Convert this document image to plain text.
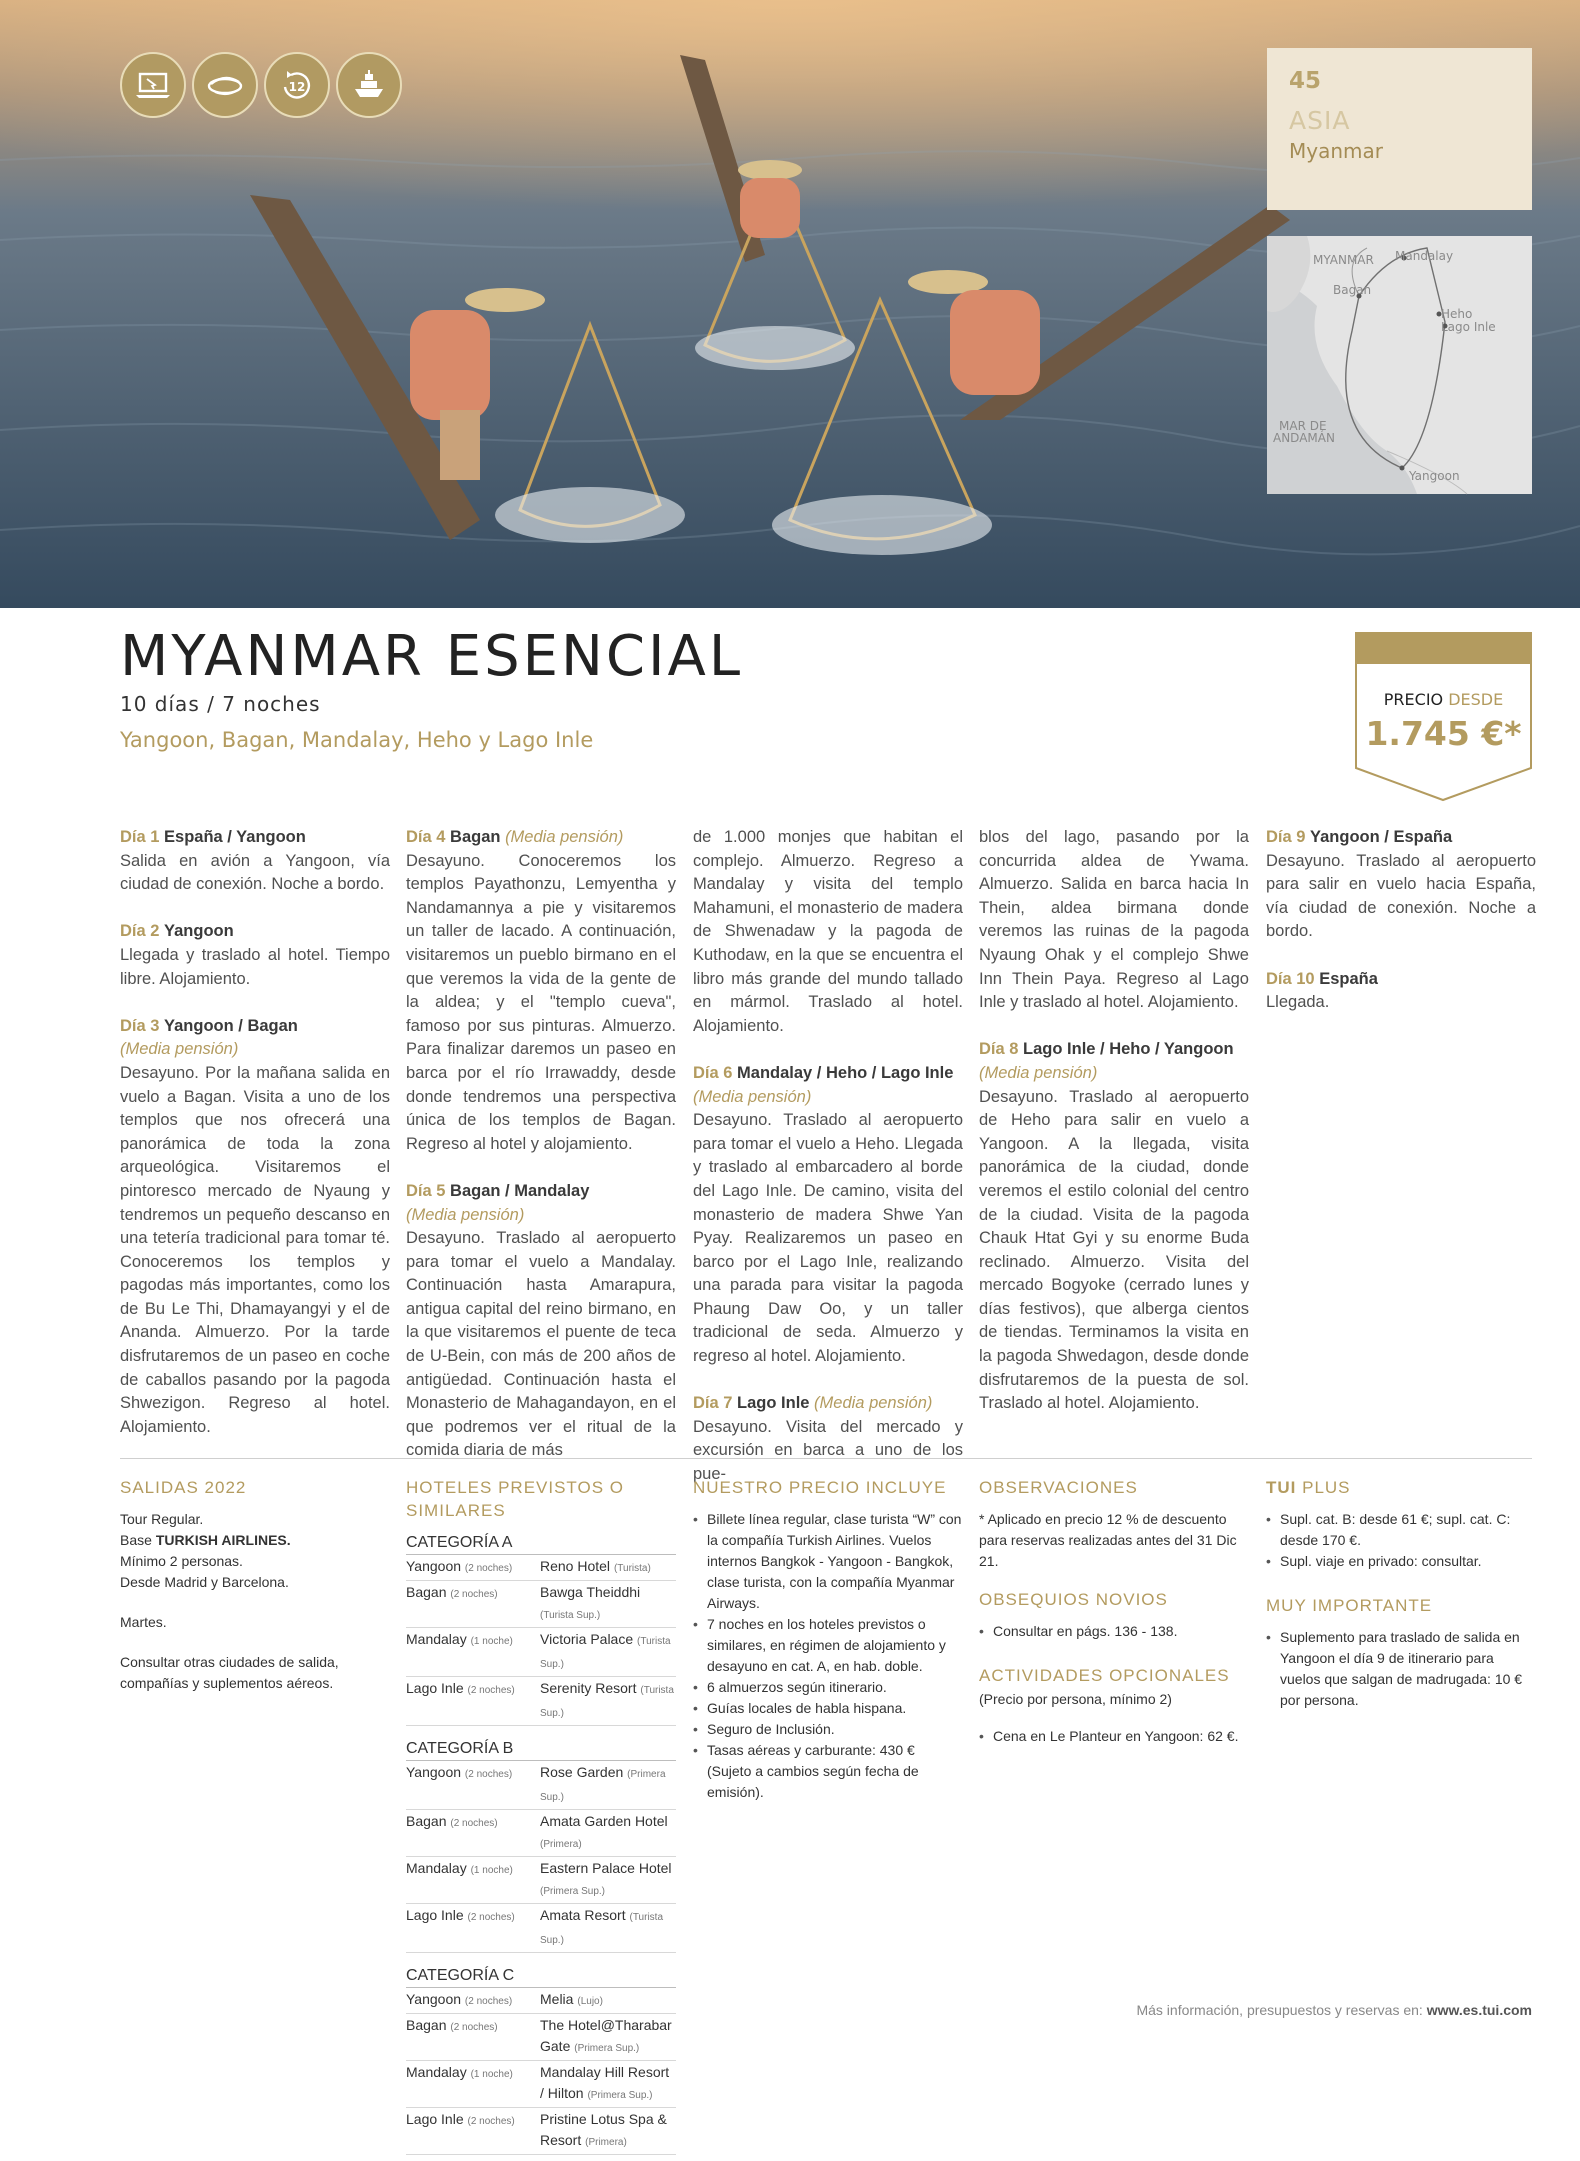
12	45
ASIA
Myanmar
MYANMAR Mandalay
Bagan
Heho
Lago Inle
MAR DE
ANDAMÁN
Yangoon
MYANMAR ESENCIAL
10 días / 7 noches
Yangoon, Bagan, Mandalay, Heho y Lago Inle
PRECIO DESDE
1.745 €*
Día 1 España / Yangoon

Salida en avión a Yangoon, vía ciudad de conexión. Noche a bordo.

Día 2 Yangoon

Llegada y traslado al hotel. Tiempo libre. Alojamiento.

Día 3 Yangoon / Bagan
(Media pensión)

Desayuno. Por la mañana salida en vuelo a Bagan. Visita a uno de los templos que nos ofrecerá una panorámica de toda la zona arqueológica. Visitaremos el pintoresco mercado de Nyaung y tendremos un pequeño descanso en una tetería tradicional para tomar té. Conoceremos los templos y pagodas más importantes, como los de Bu Le Thi, Dhamayangyi y el de Ananda. Almuerzo. Por la tarde disfrutaremos de un paseo en coche de caballos pasando por la pagoda Shwezigon. Regreso al hotel. Alojamiento.

Día 4 Bagan (Media pensión)

Desayuno. Conoceremos los templos Payathonzu, Lemyentha y Nandamannya a pie y visitaremos un taller de lacado. A continuación, visitaremos un pueblo birmano en el que veremos la vida de la gente de la aldea; y el "templo cueva", famoso por sus pinturas. Almuerzo. Para finalizar daremos un paseo en barca por el río Irrawaddy, desde donde tendremos una perspectiva única de los templos de Bagan. Regreso al hotel y alojamiento.

Día 5 Bagan / Mandalay
(Media pensión)

Desayuno. Traslado al aeropuerto para tomar el vuelo a Mandalay. Continuación hasta Amarapura, antigua capital del reino birmano, en la que visitaremos el puente de teca de U-Bein, con más de 200 años de antigüedad. Continuación hasta el Monasterio de Mahagandayon, en el que podremos ver el ritual de la comida diaria de más

de 1.000 monjes que habitan el complejo. Almuerzo. Regreso a Mandalay y visita del templo Mahamuni, el monasterio de madera de Shwenadaw y la pagoda de Kuthodaw, en la que se encuentra el libro más grande del mundo tallado en mármol. Traslado al hotel. Alojamiento.

Día 6 Mandalay / Heho / Lago Inle
(Media pensión)

Desayuno. Traslado al aeropuerto para tomar el vuelo a Heho. Llegada y traslado al embarcadero al borde del Lago Inle. De camino, visita del monasterio de madera Shwe Yan Pyay. Realizaremos un paseo en barco por el Lago Inle, realizando una parada para visitar la pagoda Phaung Daw Oo, y un taller tradicional de seda. Almuerzo y regreso al hotel. Alojamiento.

Día 7 Lago Inle (Media pensión)

Desayuno. Visita del mercado y excursión en barca a uno de los pue-

blos del lago, pasando por la concurrida aldea de Ywama. Almuerzo. Salida en barca hacia In Thein, aldea birmana donde veremos las ruinas de la pagoda Nyaung Ohak y el complejo Shwe Inn Thein Paya. Regreso al Lago Inle y traslado al hotel. Alojamiento.

Día 8 Lago Inle / Heho / Yangoon
(Media pensión)

Desayuno. Traslado al aeropuerto de Heho para salir en vuelo a Yangoon. A la llegada, visita panorámica de la ciudad, donde veremos el estilo colonial del centro de la ciudad. Visita de la pagoda Chauk Htat Gyi y su enorme Buda reclinado. Almuerzo. Visita del mercado Bogyoke (cerrado lunes y días festivos), que alberga cientos de tiendas. Terminamos la visita en la pagoda Shwedagon, desde donde disfrutaremos de la puesta de sol. Traslado al hotel. Alojamiento.

Día 9 Yangoon / España

Desayuno. Traslado al aeropuerto para salir en vuelo hacia España, vía ciudad de conexión. Noche a bordo.

Día 10 España

Llegada.

SALIDAS 2022
Tour Regular.
Base TURKISH AIRLINES.
Mínimo 2 personas.
Desde Madrid y Barcelona.
Martes.
Consultar otras ciudades de salida, compañías y suplementos aéreos.
HOTELES PREVISTOS O SIMILARES
CATEGORÍA A
Yangoon (2 noches)	Reno Hotel (Turista)
Bagan (2 noches)	Bawga Theiddhi (Turista Sup.)
Mandalay (1 noche)	Victoria Palace (Turista Sup.)
Lago Inle (2 noches)	Serenity Resort (Turista Sup.)
CATEGORÍA B
Yangoon (2 noches)	Rose Garden (Primera Sup.)
Bagan (2 noches)	Amata Garden Hotel (Primera)
Mandalay (1 noche)	Eastern Palace Hotel (Primera Sup.)
Lago Inle (2 noches)	Amata Resort (Turista Sup.)
CATEGORÍA C
Yangoon (2 noches)	Melia (Lujo)
Bagan (2 noches)	The Hotel@Tharabar Gate (Primera Sup.)
Mandalay (1 noche)	Mandalay Hill Resort / Hilton (Primera Sup.)
Lago Inle (2 noches)	Pristine Lotus Spa & Resort (Primera)
NUESTRO PRECIO INCLUYE
• Billete línea regular, clase turista “W” con la compañía Turkish Airlines. Vuelos internos Bangkok - Yangoon - Bangkok, clase turista, con la compañía Myanmar Airways.
• 7 noches en los hoteles previstos o similares, en régimen de alojamiento y desayuno en cat. A, en hab. doble.
• 6 almuerzos según itinerario.
• Guías locales de habla hispana.
• Seguro de Inclusión.
• Tasas aéreas y carburante: 430 € (Sujeto a cambios según fecha de emisión).
OBSERVACIONES
* Aplicado en precio 12 % de descuento para reservas realizadas antes del 31 Dic 21.
OBSEQUIOS NOVIOS
• Consultar en págs. 136 - 138.
ACTIVIDADES OPCIONALES
(Precio por persona, mínimo 2)
• Cena en Le Planteur en Yangoon: 62 €.
TUI PLUS
• Supl. cat. B: desde 61 €; supl. cat. C: desde 170 €.
• Supl. viaje en privado: consultar.
MUY IMPORTANTE
• Suplemento para traslado de salida en Yangoon el día 9 de itinerario para vuelos que salgan de madrugada: 10 € por persona.
Más información, presupuestos y reservas en: www.es.tui.com
